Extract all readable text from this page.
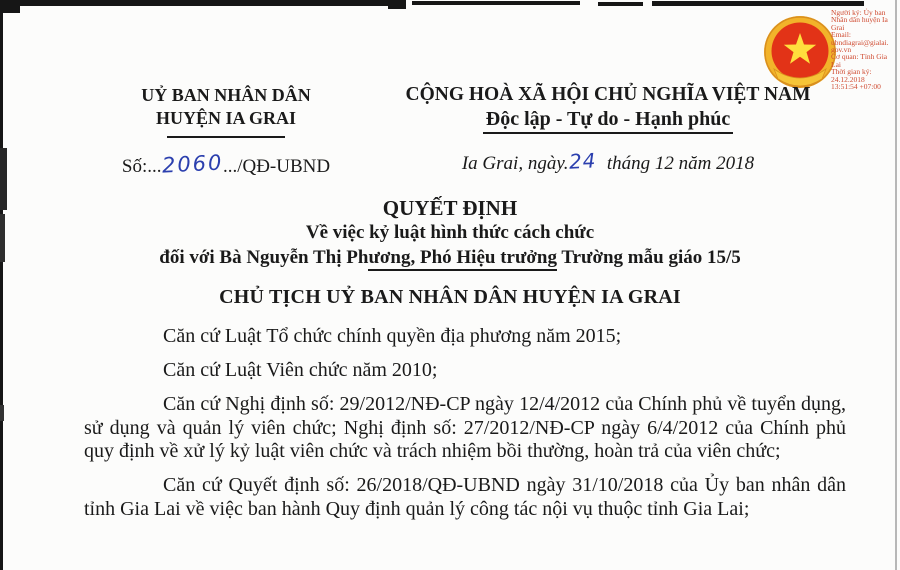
Người ký: Ủy ban
Nhân dân huyện Ia
Grai
Email:
ubndiagrai@gialai.
gov.vn
Cơ quan: Tỉnh Gia
Lai
Thời gian ký:
24.12.2018
13:51:54 +07:00
UỶ BAN NHÂN DÂN
HUYỆN IA GRAI
Số:...2060.../QĐ-UBND
CỘNG HOÀ XÃ HỘI CHỦ NGHĨA VIỆT NAM
Độc lập - Tự do - Hạnh phúc
Ia Grai, ngày.24 tháng 12 năm 2018
QUYẾT ĐỊNH
Về việc kỷ luật hình thức cách chức
đối với Bà Nguyễn Thị Phương, Phó Hiệu trưởng Trường mẫu giáo 15/5
CHỦ TỊCH UỶ BAN NHÂN DÂN HUYỆN IA GRAI

Căn cứ Luật Tổ chức chính quyền địa phương năm 2015;

Căn cứ Luật Viên chức năm 2010;

Căn cứ Nghị định số: 29/2012/NĐ-CP ngày 12/4/2012 của Chính phủ về tuyển dụng, sử dụng và quản lý viên chức; Nghị định số: 27/2012/NĐ-CP ngày 6/4/2012 của Chính phủ quy định về xử lý kỷ luật viên chức và trách nhiệm bồi thường, hoàn trả của viên chức;

Căn cứ Quyết định số: 26/2018/QĐ-UBND ngày 31/10/2018 của Ủy ban nhân dân tỉnh Gia Lai về việc ban hành Quy định quản lý công tác nội vụ thuộc tỉnh Gia Lai;
